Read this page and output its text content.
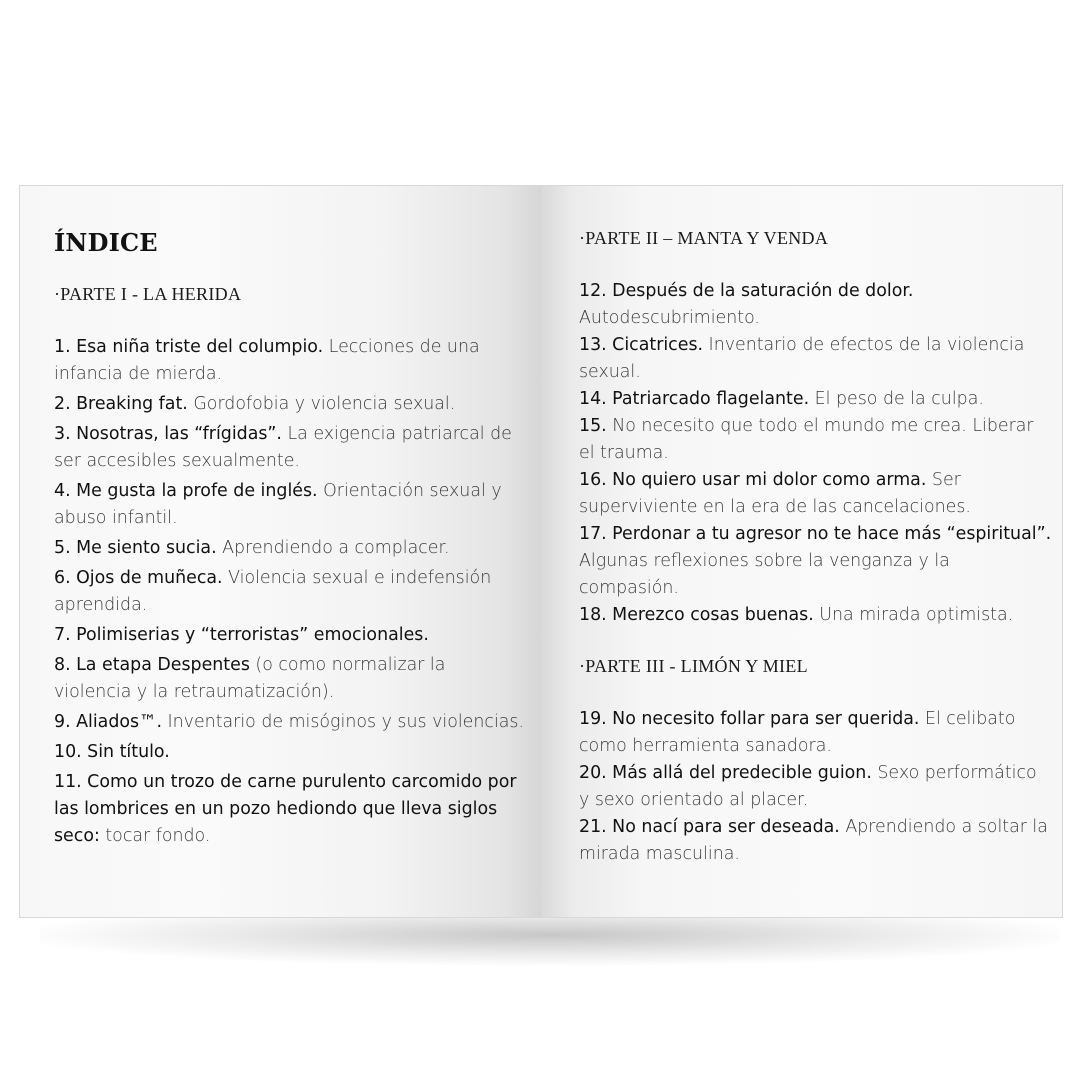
ÍNDICE
·PARTE I - LA HERIDA
1. Esa niña triste del columpio. Lecciones de una infancia de mierda.
2. Breaking fat. Gordofobia y violencia sexual.
3. Nosotras, las “frígidas”. La exigencia patriarcal de ser accesibles sexualmente.
4. Me gusta la profe de inglés. Orientación sexual y abuso infantil.
5. Me siento sucia. Aprendiendo a complacer.
6. Ojos de muñeca. Violencia sexual e indefensión aprendida.
7. Polimiserias y “terroristas” emocionales.
8. La etapa Despentes (o como normalizar la violencia y la retraumatización).
9. Aliados™. Inventario de misóginos y sus violencias.
10. Sin título.
11. Como un trozo de carne purulento carcomido por las lombrices en un pozo hediondo que lleva siglos seco: tocar fondo.
·PARTE II – MANTA Y VENDA
12. Después de la saturación de dolor. Autodescubrimiento.
13. Cicatrices. Inventario de efectos de la violencia sexual.
14. Patriarcado flagelante. El peso de la culpa.
15. No necesito que todo el mundo me crea. Liberar el trauma.
16. No quiero usar mi dolor como arma. Ser superviviente en la era de las cancelaciones.
17. Perdonar a tu agresor no te hace más “espiritual”. Algunas reflexiones sobre la venganza y la compasión.
18. Merezco cosas buenas. Una mirada optimista.
·PARTE III - LIMÓN Y MIEL
19. No necesito follar para ser querida. El celibato como herramienta sanadora.
20. Más allá del predecible guion. Sexo performático y sexo orientado al placer.
21. No nací para ser deseada. Aprendiendo a soltar la mirada masculina.
